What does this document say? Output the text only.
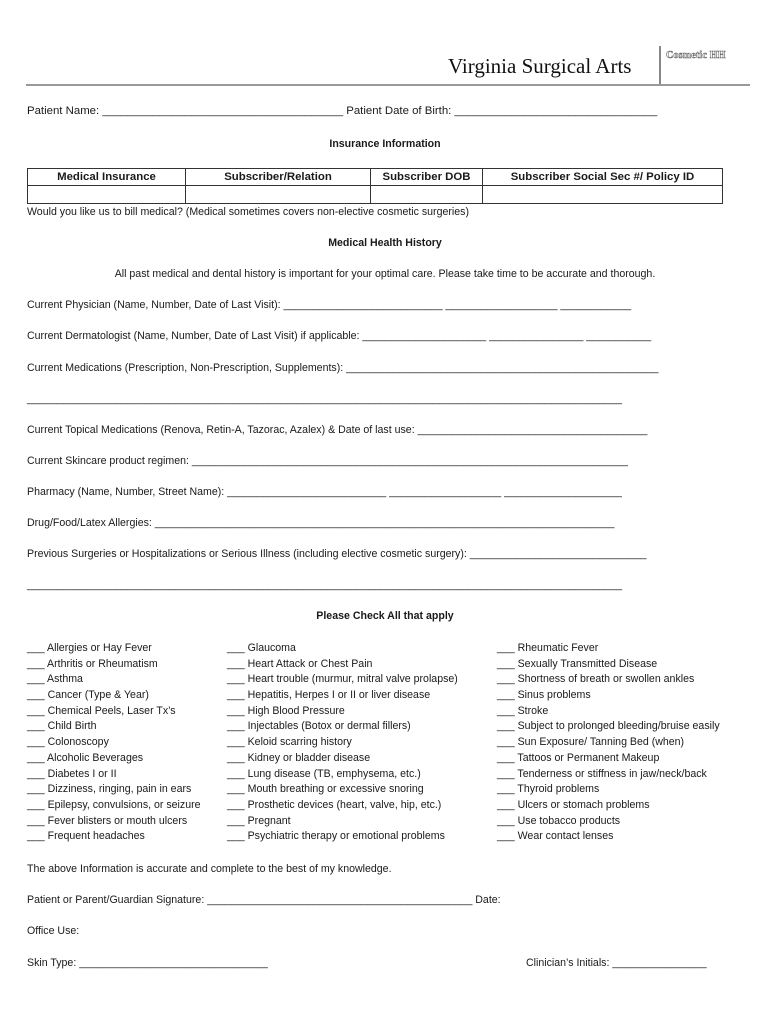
Virginia Surgical Arts	Cosmetic HH
Patient Name: ______________________________________ Patient Date of Birth: ________________________________
Insurance Information
Medical Insurance	Subscriber/Relation	Subscriber DOB	Subscriber Social Sec #/ Policy ID

Would you like us to bill medical? (Medical sometimes covers non-elective cosmetic surgeries)
Medical Health History
All past medical and dental history is important for your optimal care. Please take time to be accurate and thorough.
Current Physician (Name, Number, Date of Last Visit): ___________________________ ___________________ ____________
Current Dermatologist (Name, Number, Date of Last Visit) if applicable: _____________________ ________________ ___________
Current Medications (Prescription, Non-Prescription, Supplements): _____________________________________________________
_____________________________________________________________________________________________________
Current Topical Medications (Renova, Retin-A, Tazorac, Azalex) & Date of last use: _______________________________________
Current Skincare product regimen: __________________________________________________________________________
Pharmacy (Name, Number, Street Name): ___________________________ ___________________ ____________________
Drug/Food/Latex Allergies: ______________________________________________________________________________
Previous Surgeries or Hospitalizations or Serious Illness (including elective cosmetic surgery): ______________________________
_____________________________________________________________________________________________________
Please Check All that apply
___ Allergies or Hay Fever
___ Arthritis or Rheumatism
___ Asthma
___ Cancer (Type & Year)
___ Chemical Peels, Laser Tx’s
___ Child Birth
___ Colonoscopy
___ Alcoholic Beverages
___ Diabetes I or II
___ Dizziness, ringing, pain in ears
___ Epilepsy, convulsions, or seizure
___ Fever blisters or mouth ulcers
___ Frequent headaches
___ Glaucoma
___ Heart Attack or Chest Pain
___ Heart trouble (murmur, mitral valve prolapse)
___ Hepatitis, Herpes I or II or liver disease
___ High Blood Pressure
___ Injectables (Botox or dermal fillers)
___ Keloid scarring history
___ Kidney or bladder disease
___ Lung disease (TB, emphysema, etc.)
___ Mouth breathing or excessive snoring
___ Prosthetic devices (heart, valve, hip, etc.)
___ Pregnant
___ Psychiatric therapy or emotional problems
___ Rheumatic Fever
___ Sexually Transmitted Disease
___ Shortness of breath or swollen ankles
___ Sinus problems
___ Stroke
___ Subject to prolonged bleeding/bruise easily
___ Sun Exposure/ Tanning Bed (when)
___ Tattoos or Permanent Makeup
___ Tenderness or stiffness in jaw/neck/back
___ Thyroid problems
___ Ulcers or stomach problems
___ Use tobacco products
___ Wear contact lenses
The above Information is accurate and complete to the best of my knowledge.
Patient or Parent/Guardian Signature: _____________________________________________ Date:
Office Use:
Skin Type: ________________________________	Clinician’s Initials: ________________
